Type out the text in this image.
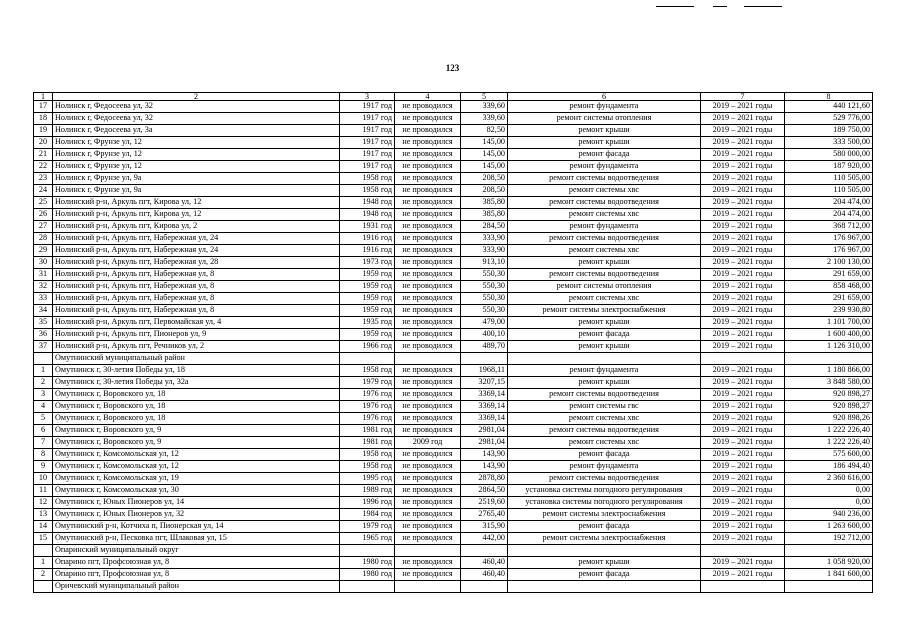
123
1	2	3	4	5	6	7	8
17	Нолинск г, Федосеева ул, 32	1917 год	не проводился	339,60	ремонт фундамента	2019 – 2021 годы	440 121,60
18	Нолинск г, Федосеева ул, 32	1917 год	не проводился	339,60	ремонт системы отопления	2019 – 2021 годы	529 776,00
19	Нолинск г, Федосеева ул, 3а	1917 год	не проводился	82,50	ремонт крыши	2019 – 2021 годы	189 750,00
20	Нолинск г, Фрунзе ул, 12	1917 год	не проводился	145,00	ремонт крыши	2019 – 2021 годы	333 500,00
21	Нолинск г, Фрунзе ул, 12	1917 год	не проводился	145,00	ремонт фасада	2019 – 2021 годы	580 000,00
22	Нолинск г, Фрунзе ул, 12	1917 год	не проводился	145,00	ремонт фундамента	2019 – 2021 годы	187 920,00
23	Нолинск г, Фрунзе ул, 9а	1958 год	не проводился	208,50	ремонт системы водоотведения	2019 – 2021 годы	110 505,00
24	Нолинск г, Фрунзе ул, 9а	1958 год	не проводился	208,50	ремонт системы хвс	2019 – 2021 годы	110 505,00
25	Нолинский р-н, Аркуль пгт, Кирова ул, 12	1948 год	не проводился	385,80	ремонт системы водоотведения	2019 – 2021 годы	204 474,00
26	Нолинский р-н, Аркуль пгт, Кирова ул, 12	1948 год	не проводился	385,80	ремонт системы хвс	2019 – 2021 годы	204 474,00
27	Нолинский р-н, Аркуль пгт, Кирова ул, 2	1931 год	не проводился	284,50	ремонт фундамента	2019 – 2021 годы	368 712,00
28	Нолинский р-н, Аркуль пгт, Набережная ул, 24	1916 год	не проводился	333,90	ремонт системы водоотведения	2019 – 2021 годы	176 967,00
29	Нолинский р-н, Аркуль пгт, Набережная ул, 24	1916 год	не проводился	333,90	ремонт системы хвс	2019 – 2021 годы	176 967,00
30	Нолинский р-н, Аркуль пгт, Набережная ул, 28	1973 год	не проводился	913,10	ремонт крыши	2019 – 2021 годы	2 100 130,00
31	Нолинский р-н, Аркуль пгт, Набережная ул, 8	1959 год	не проводился	550,30	ремонт системы водоотведения	2019 – 2021 годы	291 659,00
32	Нолинский р-н, Аркуль пгт, Набережная ул, 8	1959 год	не проводился	550,30	ремонт системы отопления	2019 – 2021 годы	858 468,00
33	Нолинский р-н, Аркуль пгт, Набережная ул, 8	1959 год	не проводился	550,30	ремонт системы хвс	2019 – 2021 годы	291 659,00
34	Нолинский р-н, Аркуль пгт, Набережная ул, 8	1959 год	не проводился	550,30	ремонт системы электроснабжения	2019 – 2021 годы	239 930,80
35	Нолинский р-н, Аркуль пгт, Первомайская ул, 4	1935 год	не проводился	479,00	ремонт крыши	2019 – 2021 годы	1 101 700,00
36	Нолинский р-н, Аркуль пгт, Пионеров ул, 9	1959 год	не проводился	400,10	ремонт фасада	2019 – 2021 годы	1 600 400,00
37	Нолинский р-н, Аркуль пгт, Речников ул, 2	1966 год	не проводился	489,70	ремонт крыши	2019 – 2021 годы	1 126 310,00
	Омутнинский муниципальный район						
1	Омутнинск г, 30-летия Победы ул, 18	1958 год	не проводился	1968,11	ремонт фундамента	2019 – 2021 годы	1 180 866,00
2	Омутнинск г, 30-летия Победы ул, 32а	1979 год	не проводился	3207,15	ремонт крыши	2019 – 2021 годы	3 848 580,00
3	Омутнинск г, Воровского ул, 18	1976 год	не проводился	3369,14	ремонт системы водоотведения	2019 – 2021 годы	920 898,27
4	Омутнинск г, Воровского ул, 18	1976 год	не проводился	3369,14	ремонт системы гвс	2019 – 2021 годы	920 898,27
5	Омутнинск г, Воровского ул, 18	1976 год	не проводился	3369,14	ремонт системы хвс	2019 – 2021 годы	920 898,26
6	Омутнинск г, Воровского ул, 9	1981 год	не проводился	2981,04	ремонт системы водоотведения	2019 – 2021 годы	1 222 226,40
7	Омутнинск г, Воровского ул, 9	1981 год	2009 год	2981,04	ремонт системы хвс	2019 – 2021 годы	1 222 226,40
8	Омутнинск г, Комсомольская ул, 12	1958 год	не проводился	143,90	ремонт фасада	2019 – 2021 годы	575 600,00
9	Омутнинск г, Комсомольская ул, 12	1958 год	не проводился	143,90	ремонт фундамента	2019 – 2021 годы	186 494,40
10	Омутнинск г, Комсомольская ул, 19	1995 год	не проводился	2878,80	ремонт системы водоотведения	2019 – 2021 годы	2 360 616,00
11	Омутнинск г, Комсомольская ул, 30	1989 год	не проводился	2864,50	установка системы погодного регулирования	2019 – 2021 годы	0,00
12	Омутнинск г, Юных Пионеров ул, 14	1996 год	не проводился	2519,60	установка системы погодного регулирования	2019 – 2021 годы	0,00
13	Омутнинск г, Юных Пионеров ул, 32	1984 год	не проводился	2765,40	ремонт системы электроснабжения	2019 – 2021 годы	940 236,00
14	Омутнинский р-н, Котчиха п, Пионерская ул, 14	1979 год	не проводился	315,90	ремонт фасада	2019 – 2021 годы	1 263 600,00
15	Омутнинский р-н, Песковка пгт, Шлаковая ул, 15	1965 год	не проводился	442,00	ремонт системы электроснабжения	2019 – 2021 годы	192 712,00
	Опаринский муниципальный округ						
1	Опарино пгт, Профсоюзная ул, 8	1980 год	не проводился	460,40	ремонт крыши	2019 – 2021 годы	1 058 920,00
2	Опарино пгт, Профсоюзная ул, 8	1980 год	не проводился	460,40	ремонт фасада	2019 – 2021 годы	1 841 600,00
	Оричевский муниципальный район						
